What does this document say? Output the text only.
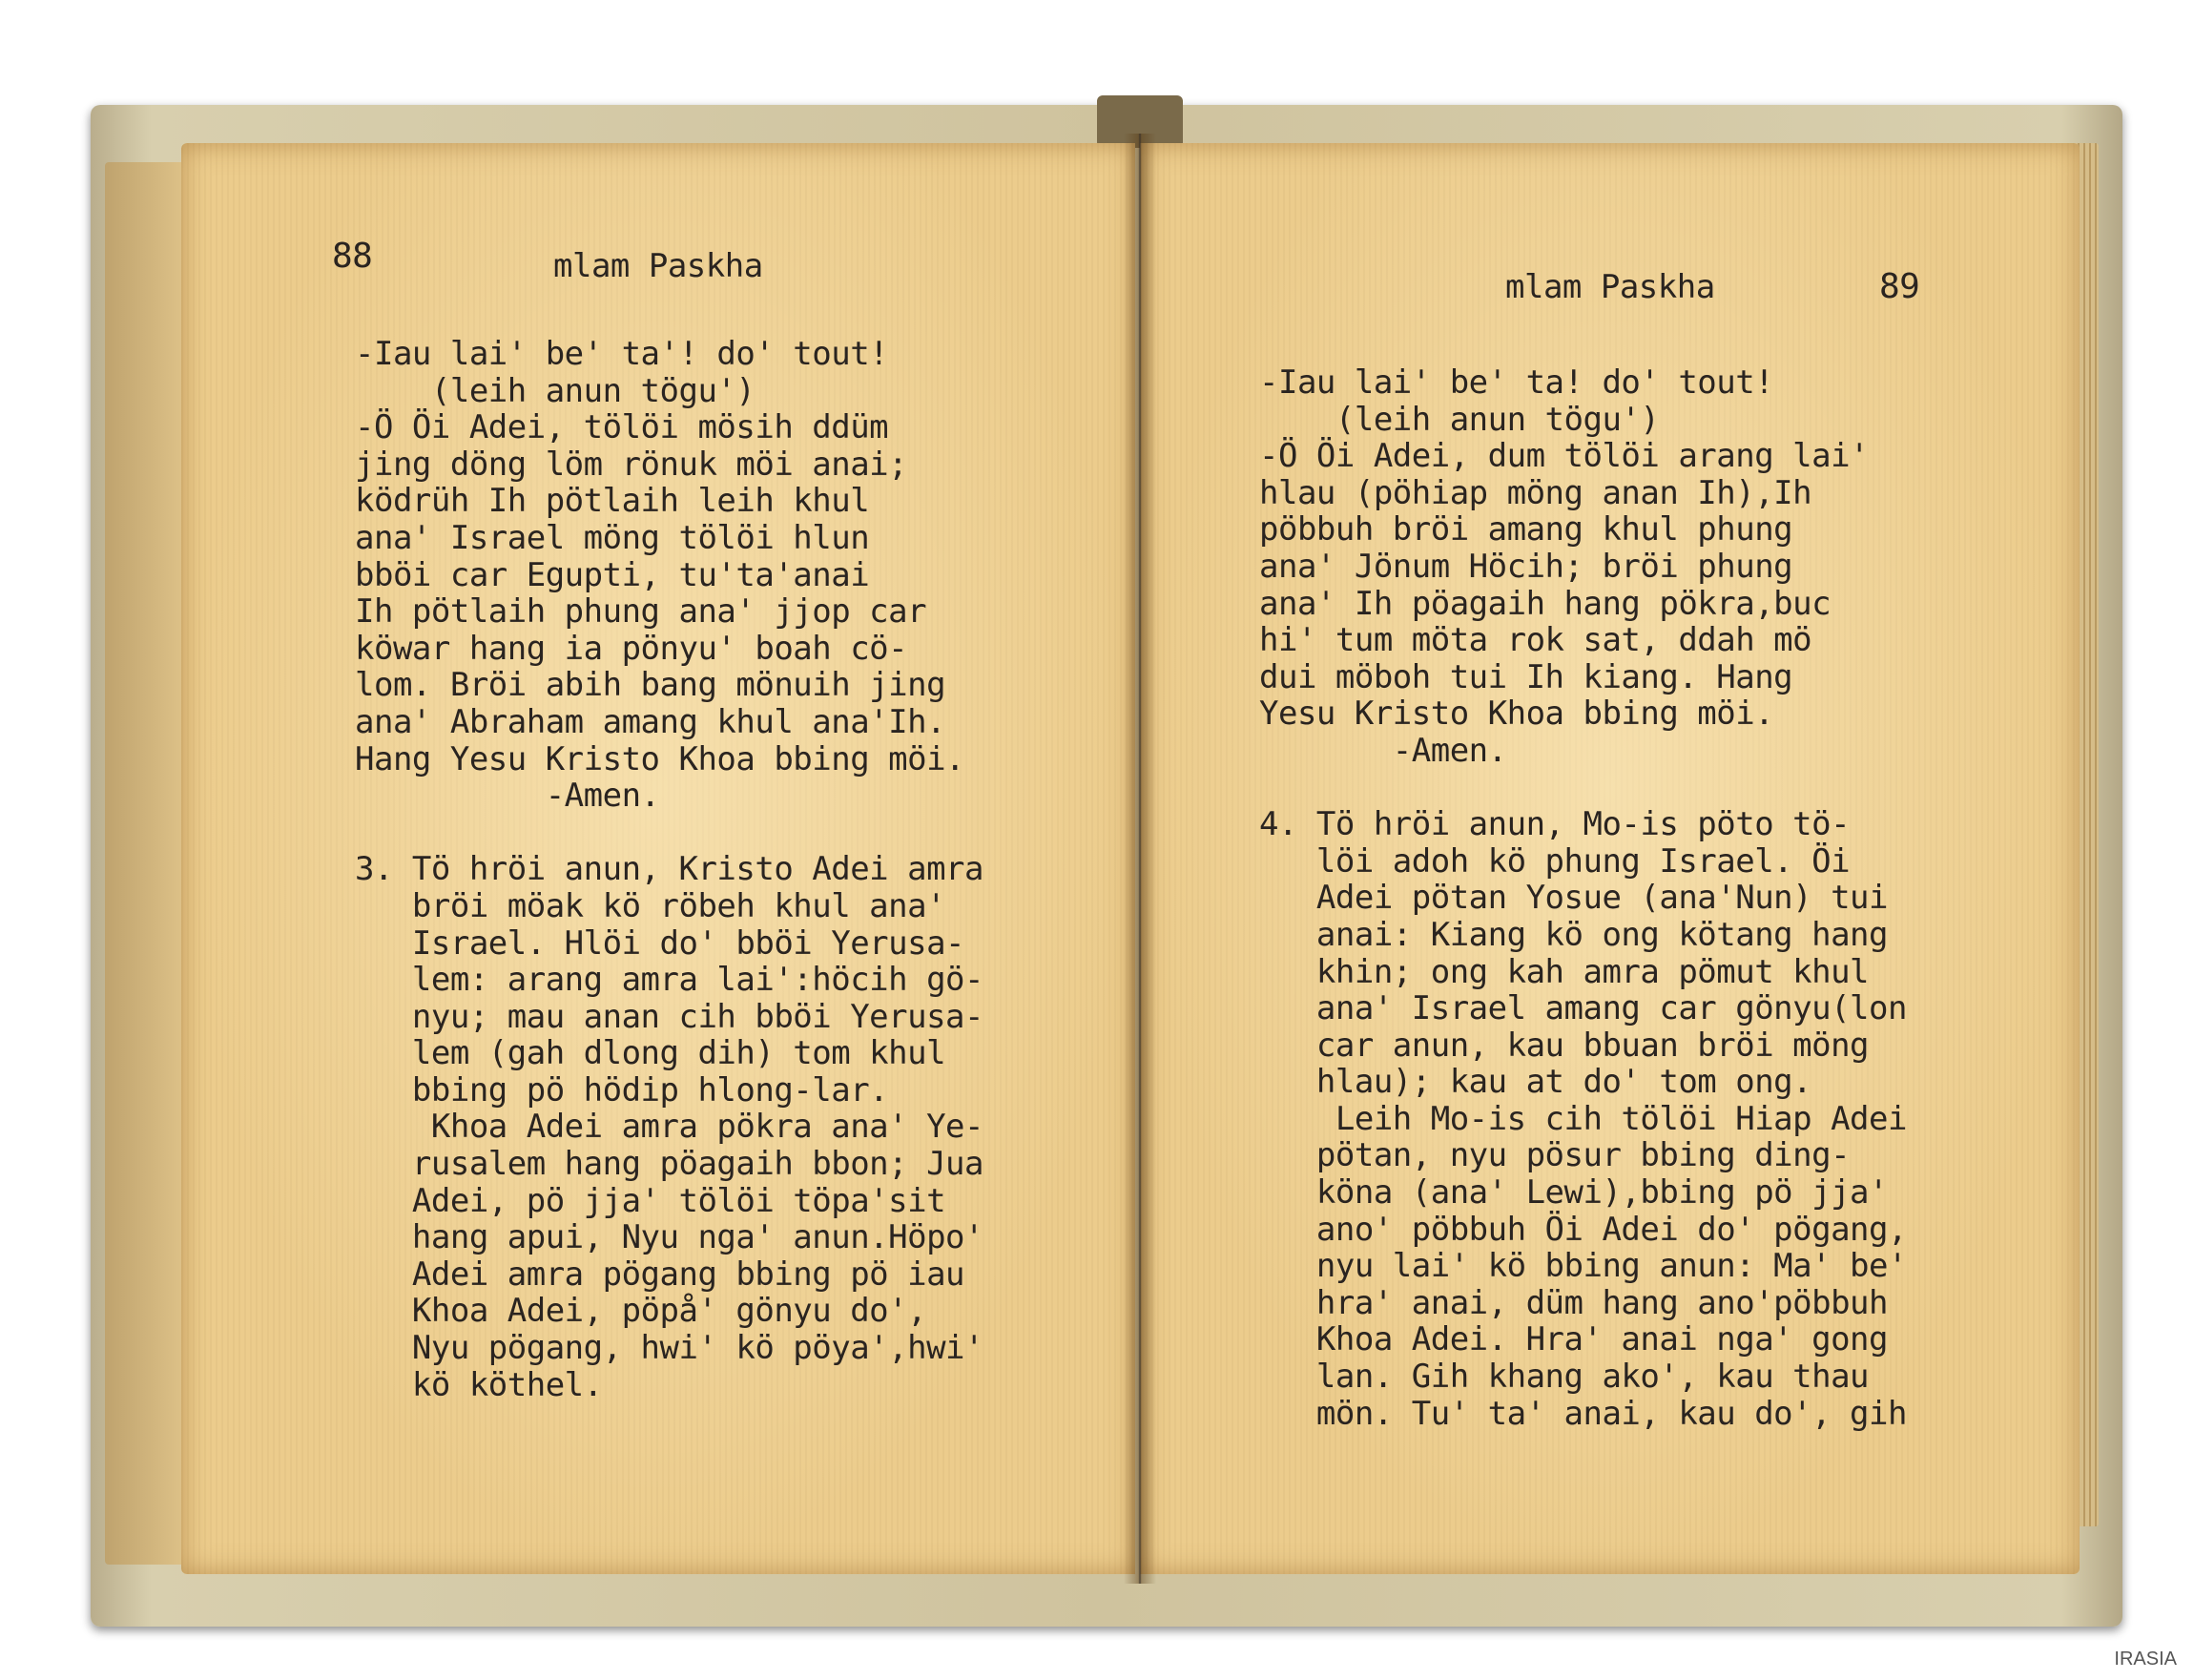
88	mlam Paskha
-Iau lai' be' ta'! do' tout!
(leih anun tögu')
-Ö Öi Adei, tölöi mösih ddüm
jing döng löm rönuk möi anai;
ködrüh Ih pötlaih leih khul
ana' Israel möng tölöi hlun
bböi car Egupti, tu'ta'anai
Ih pötlaih phung ana' jjop car
köwar hang ia pönyu' boah cö-
lom. Bröi abih bang mönuih jing
ana' Abraham amang khul ana'Ih.
Hang Yesu Kristo Khoa bbing möi.
-Amen.

3. Tö hröi anun, Kristo Adei amra
bröi möak kö röbeh khul ana'
Israel. Hlöi do' bböi Yerusa-
lem: arang amra lai':höcih gö-
nyu; mau anan cih bböi Yerusa-
lem (gah dlong dih) tom khul
bbing pö hödip hlong-lar.
Khoa Adei amra pökra ana' Ye-
rusalem hang pöagaih bbon; Jua
Adei, pö jja' tölöi töpa'sit
hang apui, Nyu nga' anun.Höpo'
Adei amra pögang bbing pö iau
Khoa Adei, pöpå' gönyu do',
Nyu pögang, hwi' kö pöya',hwi'
kö köthel.
mlam Paskha	89
-Iau lai' be' ta! do' tout!
(leih anun tögu')
-Ö Öi Adei, dum tölöi arang lai'
hlau (pöhiap möng anan Ih),Ih
pöbbuh bröi amang khul phung
ana' Jönum Höcih; bröi phung
ana' Ih pöagaih hang pökra,buc
hi' tum möta rok sat, ddah mö
dui möboh tui Ih kiang. Hang
Yesu Kristo Khoa bbing möi.
-Amen.

4. Tö hröi anun, Mo-is pöto tö-
löi adoh kö phung Israel. Öi
Adei pötan Yosue (ana'Nun) tui
anai: Kiang kö ong kötang hang
khin; ong kah amra pömut khul
ana' Israel amang car gönyu(lon
car anun, kau bbuan bröi möng
hlau); kau at do' tom ong.
Leih Mo-is cih tölöi Hiap Adei
pötan, nyu pösur bbing ding-
köna (ana' Lewi),bbing pö jja'
ano' pöbbuh Öi Adei do' pögang,
nyu lai' kö bbing anun: Ma' be'
hra' anai, düm hang ano'pöbbuh
Khoa Adei. Hra' anai nga' gong
lan. Gih khang ako', kau thau
mön. Tu' ta' anai, kau do', gih
IRASIA
